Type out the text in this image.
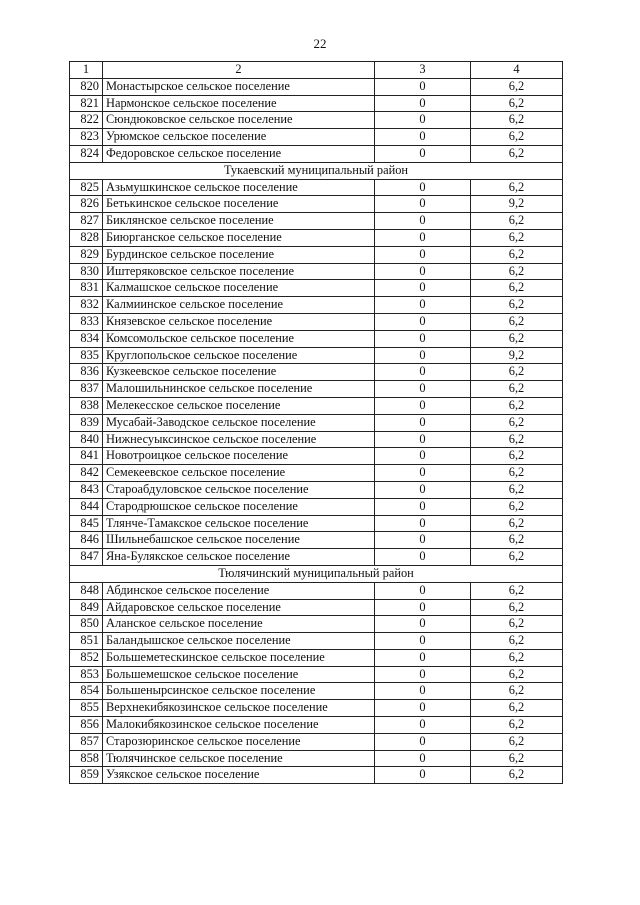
22
1	2	3	4
820	Монастырское сельское поселение	0	6,2
821	Нармонское сельское поселение	0	6,2
822	Сюндюковское сельское поселение	0	6,2
823	Урюмское сельское поселение	0	6,2
824	Федоровское сельское поселение	0	6,2
Тукаевский муниципальный район			
825	Азьмушкинское сельское поселение	0	6,2
826	Бетькинское сельское поселение	0	9,2
827	Биклянское сельское поселение	0	6,2
828	Биюрганское сельское поселение	0	6,2
829	Бурдинское сельское поселение	0	6,2
830	Иштеряковское сельское поселение	0	6,2
831	Калмашское сельское поселение	0	6,2
832	Калмиинское сельское поселение	0	6,2
833	Князевское сельское поселение	0	6,2
834	Комсомольское сельское поселение	0	6,2
835	Круглопольское сельское поселение	0	9,2
836	Кузкеевское сельское поселение	0	6,2
837	Малошильнинское сельское поселение	0	6,2
838	Мелекесское сельское поселение	0	6,2
839	Мусабай-Заводское сельское поселение	0	6,2
840	Нижнесуыксинское сельское поселение	0	6,2
841	Новотроицкое сельское поселение	0	6,2
842	Семекеевское сельское поселение	0	6,2
843	Староабдуловское сельское поселение	0	6,2
844	Стародрюшское сельское поселение	0	6,2
845	Тлянче-Тамакское сельское поселение	0	6,2
846	Шильнебашское сельское поселение	0	6,2
847	Яна-Булякское сельское поселение	0	6,2
Тюлячинский муниципальный район			
848	Абдинское сельское поселение	0	6,2
849	Айдаровское сельское поселение	0	6,2
850	Аланское сельское поселение	0	6,2
851	Баландышское сельское поселение	0	6,2
852	Большеметескинское сельское поселение	0	6,2
853	Большемешское сельское поселение	0	6,2
854	Большенырсинское сельское поселение	0	6,2
855	Верхнекибякозинское сельское поселение	0	6,2
856	Малокибякозинское сельское поселение	0	6,2
857	Старозюринское сельское поселение	0	6,2
858	Тюлячинское сельское поселение	0	6,2
859	Узякское сельское поселение	0	6,2
